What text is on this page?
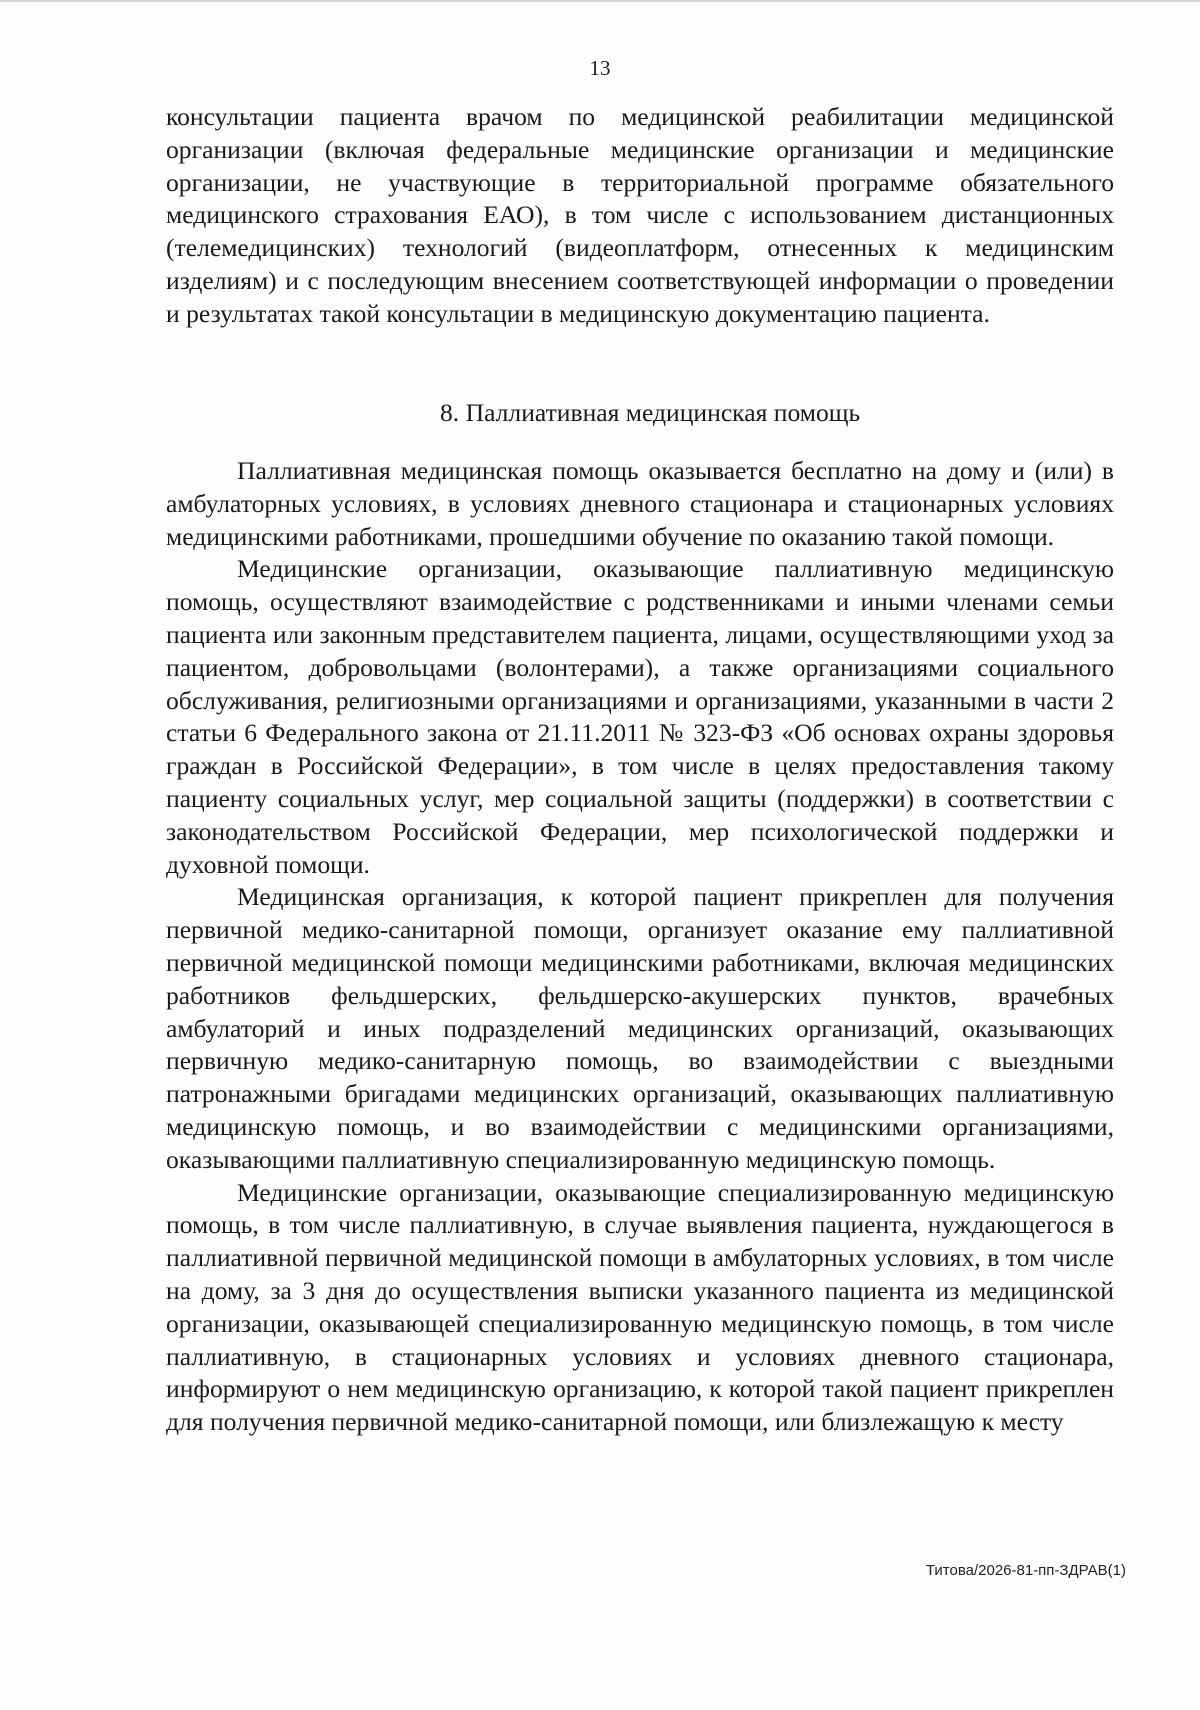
13

консультации пациента врачом по медицинской реабилитации медицинской организации (включая федеральные медицинские организации и медицинские организации, не участвующие в территориальной программе обязательного медицинского страхования ЕАО), в том числе с использованием дистанционных (телемедицинских) технологий (видеоплатформ, отнесенных к медицинским изделиям) и с последующим внесением соответствующей информации о проведении и результатах такой консультации в медицинскую документацию пациента.

8. Паллиативная медицинская помощь

Паллиативная медицинская помощь оказывается бесплатно на дому и (или) в амбулаторных условиях, в условиях дневного стационара и стационарных условиях медицинскими работниками, прошедшими обучение по оказанию такой помощи.

Медицинские организации, оказывающие паллиативную медицинскую помощь, осуществляют взаимодействие с родственниками и иными членами семьи пациента или законным представителем пациента, лицами, осуществляющими уход за пациентом, добровольцами (волонтерами), а также организациями социального обслуживания, религиозными организациями и организациями, указанными в части 2 статьи 6 Федерального закона от 21.11.2011 № 323-ФЗ «Об основах охраны здоровья граждан в Российской Федерации», в том числе в целях предоставления такому пациенту социальных услуг, мер социальной защиты (поддержки) в соответствии с законодательством Российской Федерации, мер психологической поддержки и духовной помощи.

Медицинская организация, к которой пациент прикреплен для получения первичной медико-санитарной помощи, организует оказание ему паллиативной первичной медицинской помощи медицинскими работниками, включая медицинских работников фельдшерских, фельдшерско-акушерских пунктов, врачебных амбулаторий и иных подразделений медицинских организаций, оказывающих первичную медико-санитарную помощь, во взаимодействии с выездными патронажными бригадами медицинских организаций, оказывающих паллиативную медицинскую помощь, и во взаимодействии с медицинскими организациями, оказывающими паллиативную специализированную медицинскую помощь.

Медицинские организации, оказывающие специализированную медицинскую помощь, в том числе паллиативную, в случае выявления пациента, нуждающегося в паллиативной первичной медицинской помощи в амбулаторных условиях, в том числе на дому, за 3 дня до осуществления выписки указанного пациента из медицинской организации, оказывающей специализированную медицинскую помощь, в том числе паллиативную, в стационарных условиях и условиях дневного стационара, информируют о нем медицинскую организацию, к которой такой пациент прикреплен для получения первичной медико-санитарной помощи, или близлежащую к месту

Титова/2026-81-пп-ЗДРАВ(1)
